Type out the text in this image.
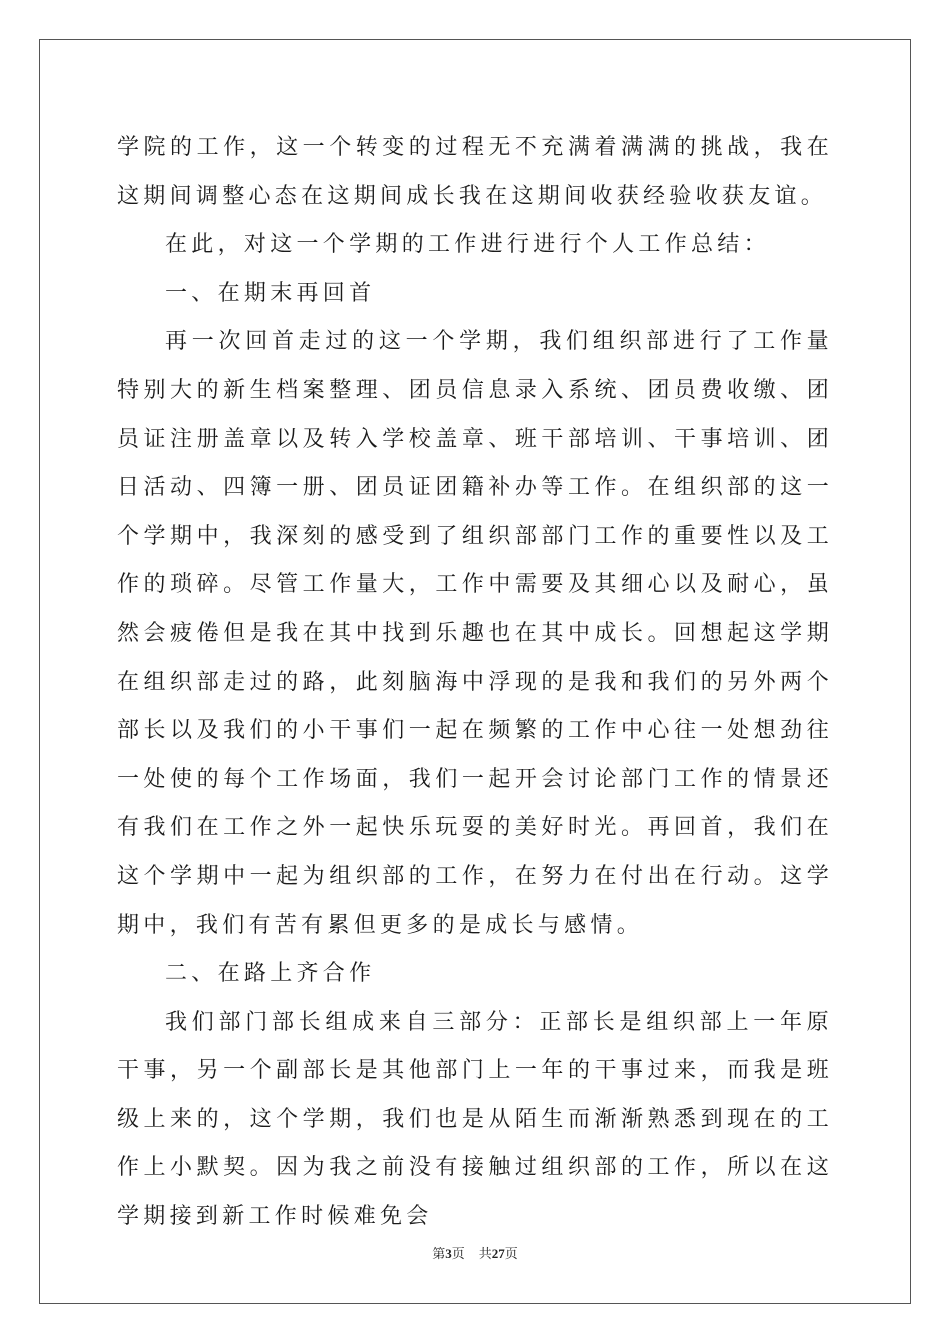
学院的工作，这一个转变的过程无不充满着满满的挑战，我在这期间调整心态在这期间成长我在这期间收获经验收获友谊。

在此，对这一个学期的工作进行进行个人工作总结：

一、在期末再回首

再一次回首走过的这一个学期，我们组织部进行了工作量特别大的新生档案整理、团员信息录入系统、团员费收缴、团员证注册盖章以及转入学校盖章、班干部培训、干事培训、团日活动、四簿一册、团员证团籍补办等工作。在组织部的这一个学期中，我深刻的感受到了组织部部门工作的重要性以及工作的琐碎。尽管工作量大，工作中需要及其细心以及耐心，虽然会疲倦但是我在其中找到乐趣也在其中成长。回想起这学期在组织部走过的路，此刻脑海中浮现的是我和我们的另外两个部长以及我们的小干事们一起在频繁的工作中心往一处想劲往一处使的每个工作场面，我们一起开会讨论部门工作的情景还有我们在工作之外一起快乐玩耍的美好时光。再回首，我们在这个学期中一起为组织部的工作，在努力在付出在行动。这学期中，我们有苦有累但更多的是成长与感情。

二、在路上齐合作

我们部门部长组成来自三部分：正部长是组织部上一年原干事，另一个副部长是其他部门上一年的干事过来，而我是班级上来的，这个学期，我们也是从陌生而渐渐熟悉到现在的工作上小默契。因为我之前没有接触过组织部的工作，所以在这学期接到新工作时候难免会

第3页 共27页
